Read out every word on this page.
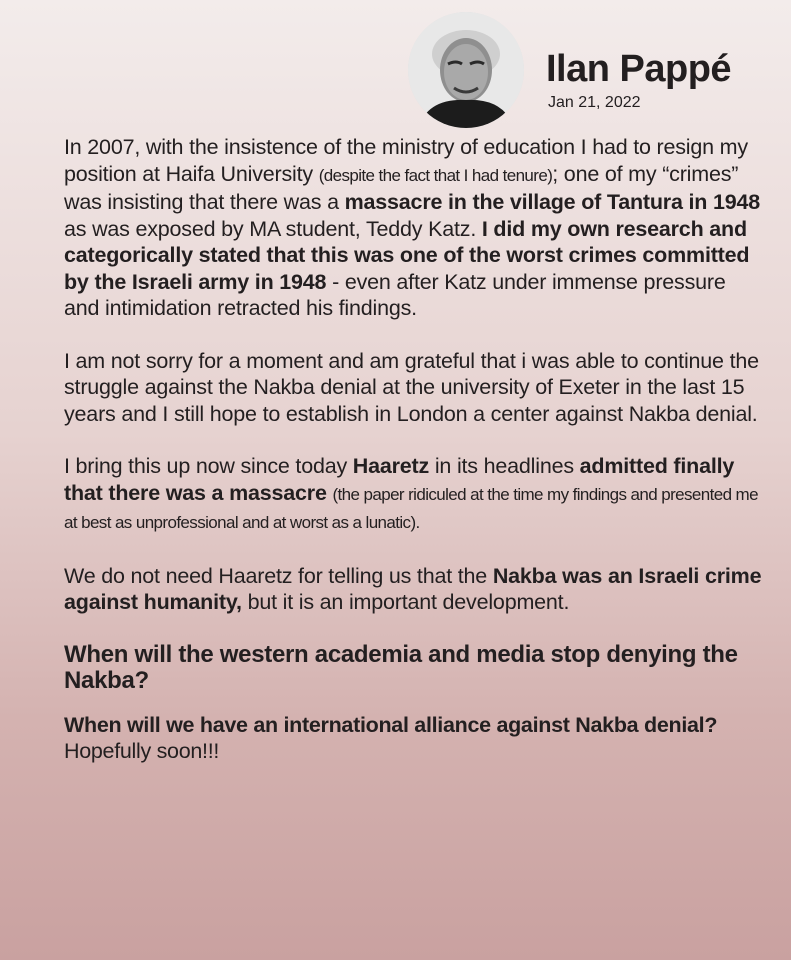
Ilan Pappé
Jan 21, 2022

In 2007, with the insistence of the ministry of education I had to resign my position at Haifa University (despite the fact that I had tenure); one of my “crimes” was insisting that there was a massacre in the village of Tantura in 1948 as was exposed by MA student, Teddy Katz. I did my own research and categorically stated that this was one of the worst crimes committed by the Israeli army in 1948 - even after Katz under immense pressure and intimidation retracted his findings.

I am not sorry for a moment and am grateful that i was able to continue the struggle against the Nakba denial at the university of Exeter in the last 15 years and I still hope to establish in London a center against Nakba denial.

I bring this up now since today Haaretz in its headlines admitted finally that there was a massacre (the paper ridiculed at the time my findings and presented me at best as unprofessional and at worst as a lunatic).

We do not need Haaretz for telling us that the Nakba was an Israeli crime against humanity, but it is an important development.

When will the western academia and media stop denying the Nakba?

When will we have an international alliance against Nakba denial? Hopefully soon!!!
